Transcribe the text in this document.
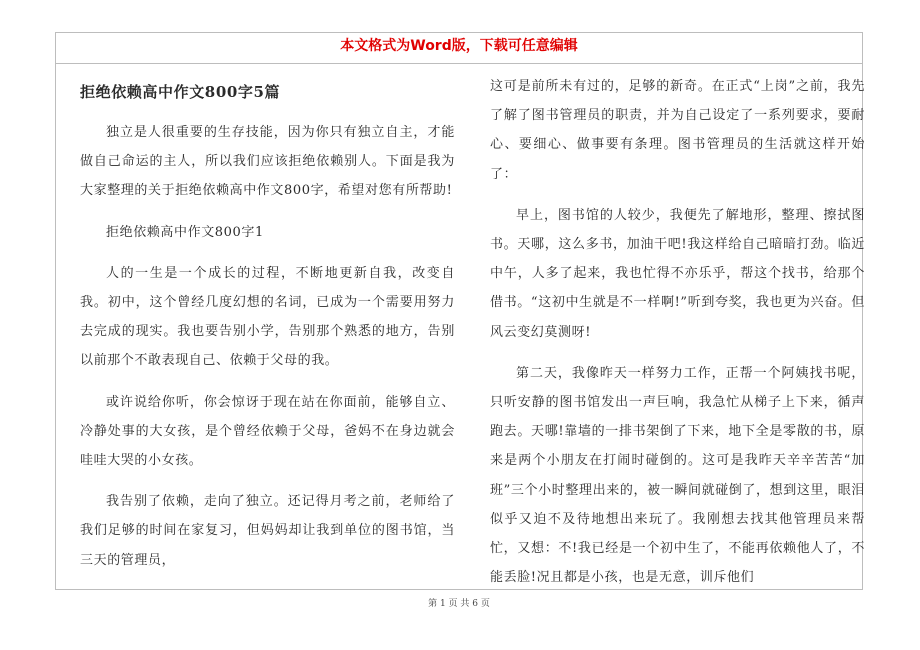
本文格式为Word版，下载可任意编辑

拒绝依赖高中作文800字5篇

独立是人很重要的生存技能，因为你只有独立自主，才能做自己命运的主人，所以我们应该拒绝依赖别人。下面是我为大家整理的关于拒绝依赖高中作文800字，希望对您有所帮助!

拒绝依赖高中作文800字1

人的一生是一个成长的过程，不断地更新自我，改变自我。初中，这个曾经几度幻想的名词，已成为一个需要用努力去完成的现实。我也要告别小学，告别那个熟悉的地方，告别以前那个不敢表现自己、依赖于父母的我。

或许说给你听，你会惊讶于现在站在你面前，能够自立、冷静处事的大女孩，是个曾经依赖于父母，爸妈不在身边就会哇哇大哭的小女孩。

我告别了依赖，走向了独立。还记得月考之前，老师给了我们足够的时间在家复习，但妈妈却让我到单位的图书馆，当三天的管理员，

这可是前所未有过的，足够的新奇。在正式“上岗”之前，我先了解了图书管理员的职责，并为自己设定了一系列要求，要耐心、要细心、做事要有条理。图书管理员的生活就这样开始了：

早上，图书馆的人较少，我便先了解地形，整理、擦拭图书。天哪，这么多书，加油干吧!我这样给自己暗暗打劲。临近中午，人多了起来，我也忙得不亦乐乎，帮这个找书，给那个借书。“这初中生就是不一样啊!”听到夸奖，我也更为兴奋。但风云变幻莫测呀!

第二天，我像昨天一样努力工作，正帮一个阿姨找书呢，只听安静的图书馆发出一声巨响，我急忙从梯子上下来，循声跑去。天哪!靠墙的一排书架倒了下来，地下全是零散的书，原来是两个小朋友在打闹时碰倒的。这可是我昨天辛辛苦苦“加班”三个小时整理出来的，被一瞬间就碰倒了，想到这里，眼泪似乎又迫不及待地想出来玩了。我刚想去找其他管理员来帮忙，又想：不!我已经是一个初中生了，不能再依赖他人了，不能丢脸!况且都是小孩，也是无意，训斥他们

第 1 页 共 6 页
